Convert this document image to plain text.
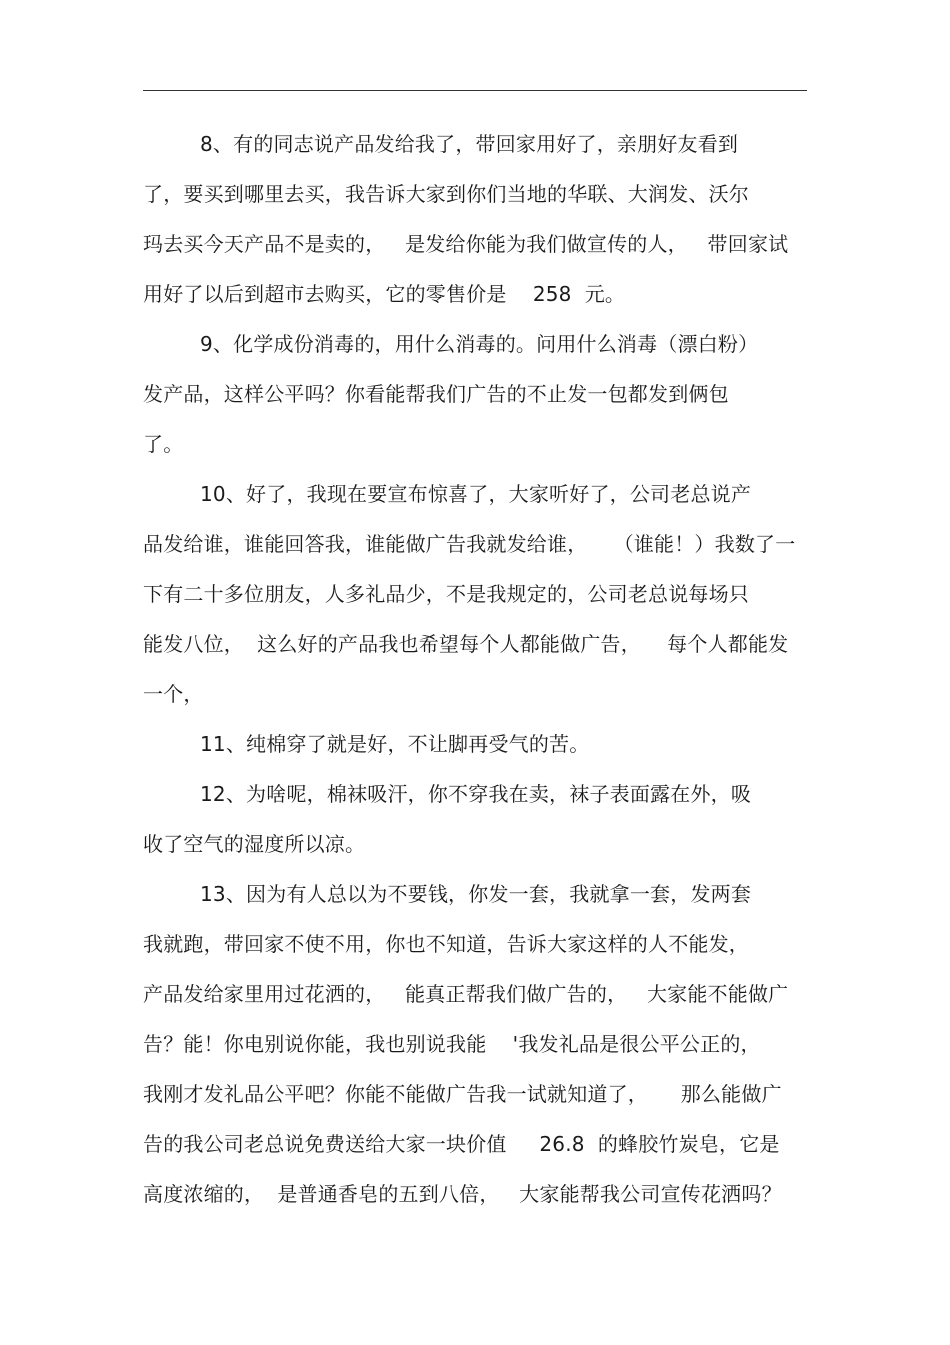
8、有的同志说产品发给我了，带回家用好了，亲朋好友看到
了，要买到哪里去买，我告诉大家到你们当地的华联、大润发、沃尔
玛去买今天产品不是卖的，   是发给你能为我们做宣传的人，   带回家试
用好了以后到超市去购买，它的零售价是    258  元。
9、化学成份消毒的，用什么消毒的。问用什么消毒（漂白粉）
发产品，这样公平吗？你看能帮我们广告的不止发一包都发到俩包
了。
10、好了，我现在要宣布惊喜了，大家听好了，公司老总说产
品发给谁，谁能回答我，谁能做广告我就发给谁，    （谁能！）我数了一
下有二十多位朋友，人多礼品少，不是我规定的，公司老总说每场只
能发八位，  这么好的产品我也希望每个人都能做广告，    每个人都能发
一个，
11、纯棉穿了就是好，不让脚再受气的苦。
12、为啥呢，棉袜吸汗，你不穿我在卖，袜子表面露在外，吸
收了空气的湿度所以凉。
13、因为有人总以为不要钱，你发一套，我就拿一套，发两套
我就跑，带回家不使不用，你也不知道，告诉大家这样的人不能发，
产品发给家里用过花洒的，   能真正帮我们做广告的，   大家能不能做广
告？能！你电别说你能，我也别说我能    '我发礼品是很公平公正的，
我刚才发礼品公平吧？你能不能做广告我一试就知道了，     那么能做广
告的我公司老总说免费送给大家一块价值     26.8  的蜂胶竹炭皂，它是
高度浓缩的，  是普通香皂的五到八倍，   大家能帮我公司宣传花洒吗？
